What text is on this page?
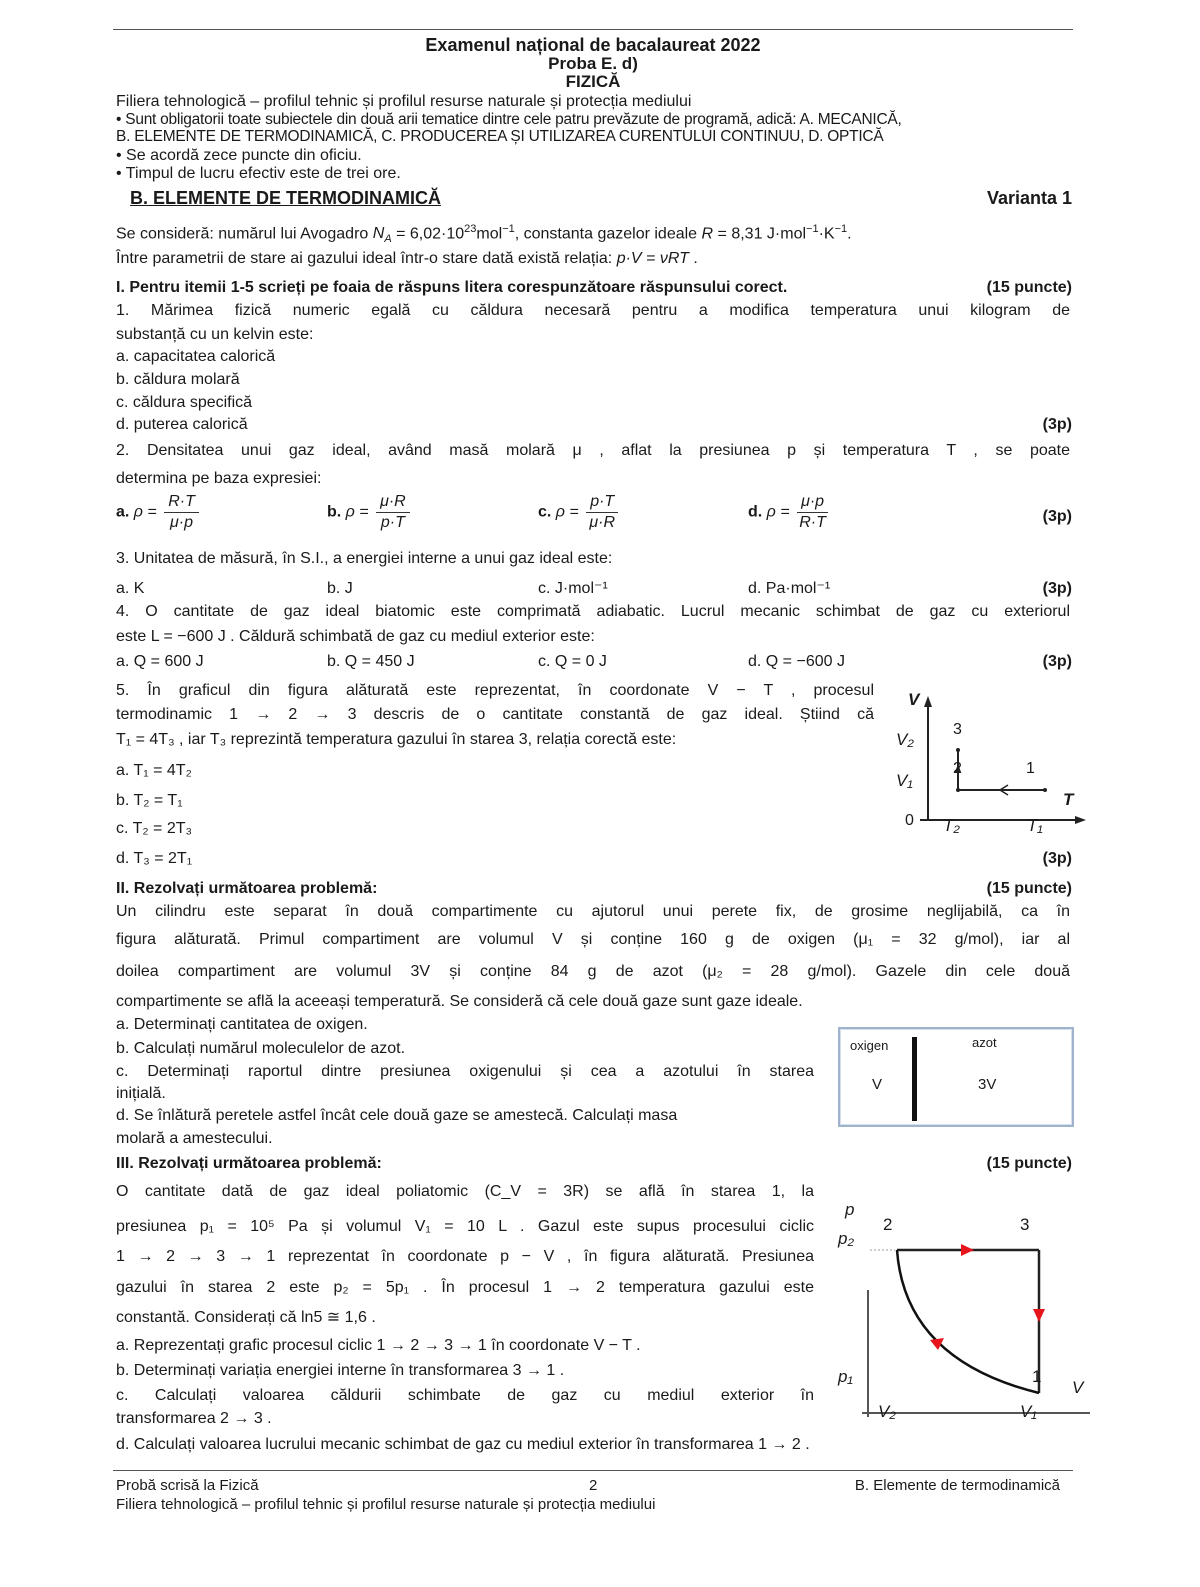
Examenul național de bacalaureat 2022
Proba E. d)
FIZICĂ
Filiera tehnologică – profilul tehnic și profilul resurse naturale și protecția mediului
• Sunt obligatorii toate subiectele din două arii tematice dintre cele patru prevăzute de programă, adică: A. MECANICĂ,
B. ELEMENTE DE TERMODINAMICĂ, C. PRODUCEREA ȘI UTILIZAREA CURENTULUI CONTINUU, D. OPTICĂ
• Se acordă zece puncte din oficiu.
• Timpul de lucru efectiv este de trei ore.
B. ELEMENTE DE TERMODINAMICĂ	Varianta 1
Se consideră: numărul lui Avogadro $N_A = 6,02\cdot 10^{23}mol^{-1}$, constanta gazelor ideale R = 8,31 $J\cdot mol^{-1}\cdot K^{-1}$.
Între parametrii de stare ai gazului ideal într-o stare dată există relația: p·V = νRT .
I. Pentru itemii 1-5 scrieți pe foaia de răspuns litera corespunzătoare răspunsului corect.	(15 puncte)
1. Mărimea fizică numeric egală cu căldura necesară pentru a modifica temperatura unui kilogram de
substanță cu un kelvin este:
a. capacitatea calorică
b. căldura molară
c. căldura specifică
d. puterea calorică	(3p)
2. Densitatea unui gaz ideal, având masă molară μ , aflat la presiunea p și temperatura T , se poate
determina pe baza expresiei:
a. $\rho = \frac{R\cdot T}{\mu\cdot p}$	b. $\rho = \frac{\mu\cdot R}{p\cdot T}$	c. $\rho = \frac{p\cdot T}{\mu\cdot R}$	d. $\rho = \frac{\mu\cdot p}{R\cdot T}$	(3p)
3. Unitatea de măsură, în S.I., a energiei interne a unui gaz ideal este:
a. K	b. J	c. J·mol⁻¹	d. Pa·mol⁻¹	(3p)
4. O cantitate de gaz ideal biatomic este comprimată adiabatic. Lucrul mecanic schimbat de gaz cu exteriorul
este L = −600 J . Căldură schimbată de gaz cu mediul exterior este:
a. Q = 600 J	b. Q = 450 J	c. Q = 0 J	d. Q = −600 J	(3p)
5. În graficul din figura alăturată este reprezentat, în coordonate V − T , procesul
termodinamic 1 → 2 → 3 descris de o cantitate constantă de gaz ideal. Știind că
T₁ = 4T₃ , iar T₃ reprezintă temperatura gazului în starea 3, relația corectă este:
a. T₁ = 4T₂
b. T₂ = T₁
c. T₂ = 2T₃
d. T₃ = 2T₁	(3p)
V
T
0
V₂
V₁
T₂	T₁
1
2
3
II. Rezolvați următoarea problemă:	(15 puncte)
Un cilindru este separat în două compartimente cu ajutorul unui perete fix, de grosime neglijabilă, ca în
figura alăturată. Primul compartiment are volumul V și conține 160 g de oxigen (μ₁ = 32 g/mol), iar al
doilea compartiment are volumul 3V și conține 84 g de azot (μ₂ = 28 g/mol). Gazele din cele două
compartimente se află la aceeași temperatură. Se consideră că cele două gaze sunt gaze ideale.
a. Determinați cantitatea de oxigen.
b. Calculați numărul moleculelor de azot.
c. Determinați raportul dintre presiunea oxigenului și cea a azotului în starea
inițială.
d. Se înlătură peretele astfel încât cele două gaze se amestecă. Calculați masa
molară a amestecului.
oxigen
V
azot
3V
III. Rezolvați următoarea problemă:	(15 puncte)
O cantitate dată de gaz ideal poliatomic (C_V = 3R) se află în starea 1, la
presiunea p₁ = 10⁵ Pa și volumul V₁ = 10 L . Gazul este supus procesului ciclic
1 → 2 → 3 → 1 reprezentat în coordonate p − V , în figura alăturată. Presiunea
gazului în starea 2 este p₂ = 5p₁ . În procesul 1 → 2 temperatura gazului este
constantă. Considerați că ln5 ≅ 1,6 .
a. Reprezentați grafic procesul ciclic 1 → 2 → 3 → 1 în coordonate V − T .
b. Determinați variația energiei interne în transformarea 3 → 1 .
c. Calculați valoarea căldurii schimbate de gaz cu mediul exterior în
transformarea 2 → 3 .
d. Calculați valoarea lucrului mecanic schimbat de gaz cu mediul exterior în transformarea 1 → 2 .
p
V
p₂
p₁
V₂	V₁
1
2	3
Probă scrisă la Fizică	2	B. Elemente de termodinamică
Filiera tehnologică – profilul tehnic și profilul resurse naturale și protecția mediului
